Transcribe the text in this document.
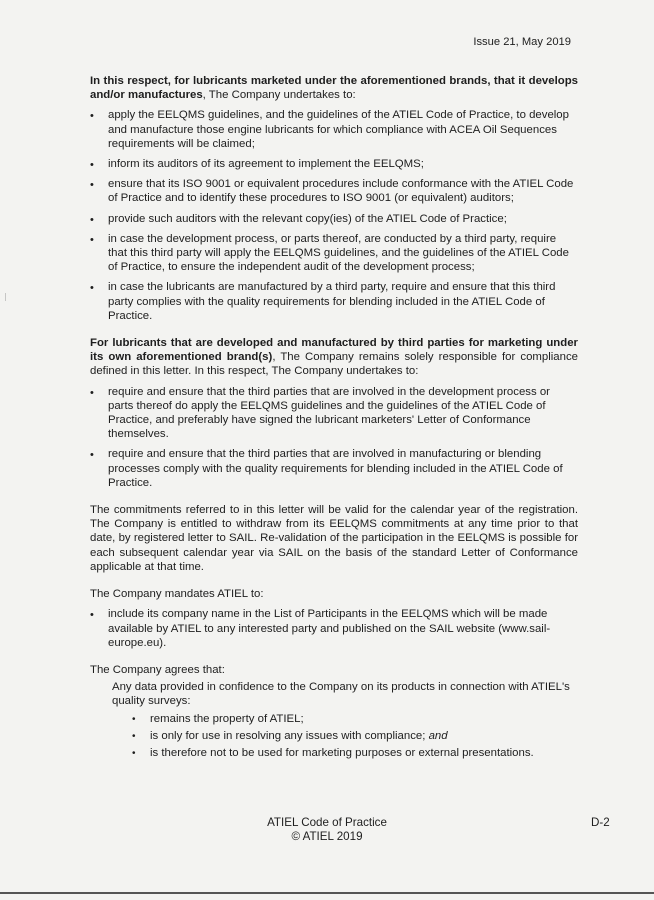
Issue 21, May 2019

In this respect, for lubricants marketed under the aforementioned brands, that it develops and/or manufactures, The Company undertakes to:

• apply the EELQMS guidelines, and the guidelines of the ATIEL Code of Practice, to develop and manufacture those engine lubricants for which compliance with ACEA Oil Sequences requirements will be claimed;
• inform its auditors of its agreement to implement the EELQMS;
• ensure that its ISO 9001 or equivalent procedures include conformance with the ATIEL Code of Practice and to identify these procedures to ISO 9001 (or equivalent) auditors;
• provide such auditors with the relevant copy(ies) of the ATIEL Code of Practice;
• in case the development process, or parts thereof, are conducted by a third party, require that this third party will apply the EELQMS guidelines, and the guidelines of the ATIEL Code of Practice, to ensure the independent audit of the development process;
• in case the lubricants are manufactured by a third party, require and ensure that this third party complies with the quality requirements for blending included in the ATIEL Code of Practice.

For lubricants that are developed and manufactured by third parties for marketing under its own aforementioned brand(s), The Company remains solely responsible for compliance defined in this letter. In this respect, The Company undertakes to:

• require and ensure that the third parties that are involved in the development process or parts thereof do apply the EELQMS guidelines and the guidelines of the ATIEL Code of Practice, and preferably have signed the lubricant marketers' Letter of Conformance themselves.
• require and ensure that the third parties that are involved in manufacturing or blending processes comply with the quality requirements for blending included in the ATIEL Code of Practice.

The commitments referred to in this letter will be valid for the calendar year of the registration. The Company is entitled to withdraw from its EELQMS commitments at any time prior to that date, by registered letter to SAIL. Re-validation of the participation in the EELQMS is possible for each subsequent calendar year via SAIL on the basis of the standard Letter of Conformance applicable at that time.

The Company mandates ATIEL to:

• include its company name in the List of Participants in the EELQMS which will be made available by ATIEL to any interested party and published on the SAIL website (www.sail-europe.eu).

The Company agrees that:

Any data provided in confidence to the Company on its products in connection with ATIEL's
quality surveys:
• remains the property of ATIEL;
• is only for use in resolving any issues with compliance; and
• is therefore not to be used for marketing purposes or external presentations.
ATIEL Code of Practice
© ATIEL 2019
D-2
